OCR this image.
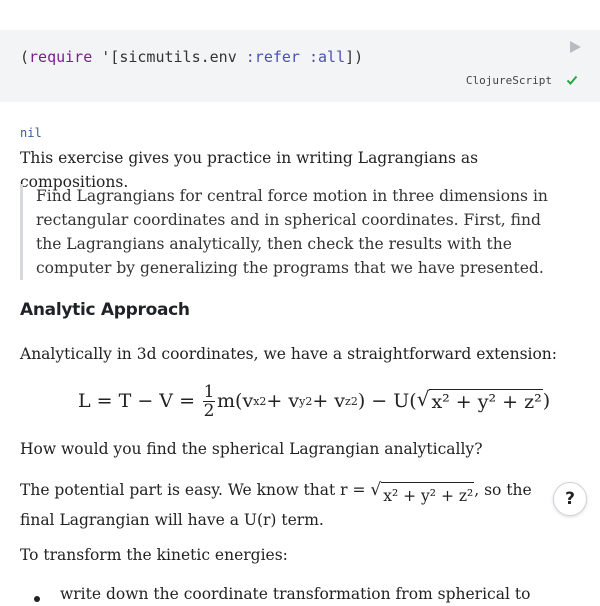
(require '[sicmutils.env :refer :all])
ClojureScript
nil
This exercise gives you practice in writing Lagrangians as compositions.
Find Lagrangians for central force motion in three dimensions in rectangular coordinates and in spherical coordinates. First, find the Lagrangians analytically, then check the results with the computer by generalizing the programs that we have presented.
Analytic Approach
Analytically in 3d coordinates, we have a straightforward extension:
L = T − V
=
$\frac{1}{2} m(v$ x 2 + v y 2 + v z 2 ) − U( √ x² + y² + z² )
How would you find the spherical Lagrangian analytically?
The potential part is easy. We know that r = √ x² + y² + z² , so the final Lagrangian will have a U(r) term.
To transform the kinetic energies:
write down the coordinate transformation from spherical to
?
